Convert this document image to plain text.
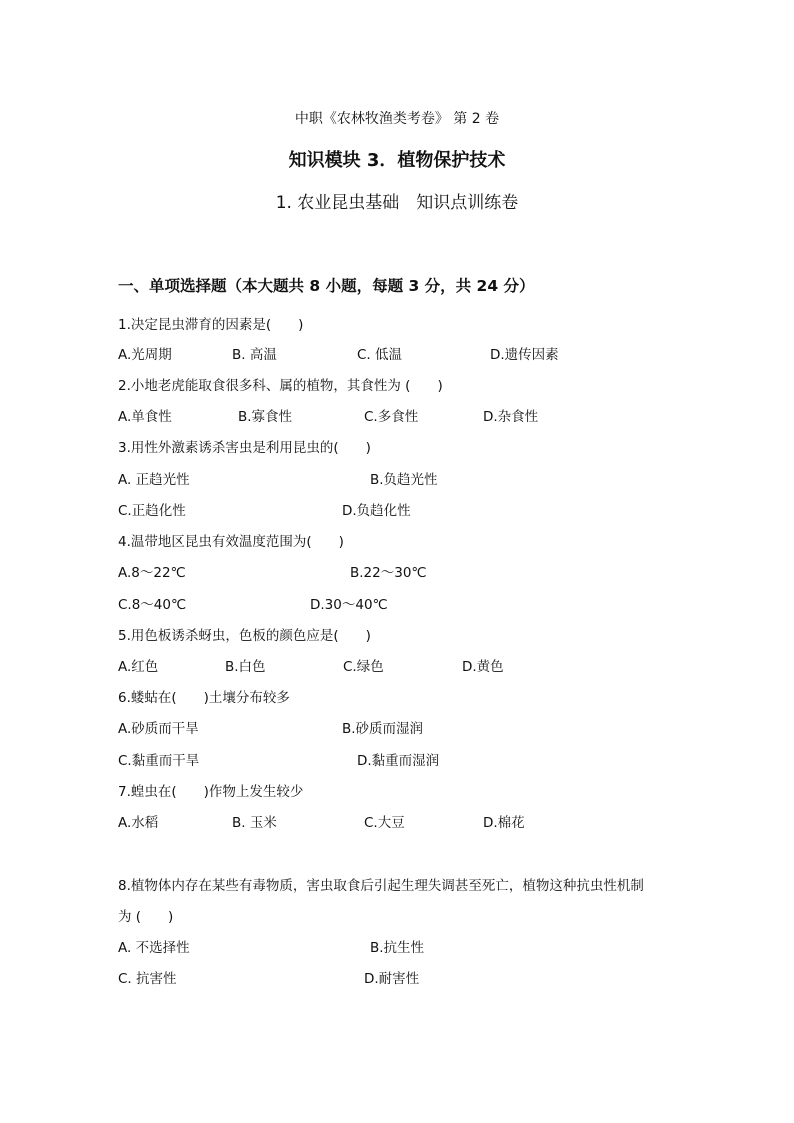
中职《农林牧渔类考卷》 第 2 卷
知识模块 3．植物保护技术
1. 农业昆虫基础　知识点训练卷
一、单项选择题（本大题共 8 小题，每题 3 分，共 24 分）
1.决定昆虫滞育的因素是(　　)
A.光周期	B. 高温	C. 低温	D.遗传因素
2.小地老虎能取食很多科、属的植物，其食性为 (　　)
A.单食性	B.寡食性	C.多食性	D.杂食性
3.用性外激素诱杀害虫是利用昆虫的(　　)
A. 正趋光性	B.负趋光性
C.正趋化性	D.负趋化性
4.温带地区昆虫有效温度范围为(　　)
A.8～22℃	B.22～30℃
C.8～40℃	D.30～40℃
5.用色板诱杀蚜虫，色板的颜色应是(　　)
A.红色	B.白色	C.绿色	D.黄色
6.蝼蛄在(　　)土壤分布较多
A.砂质而干旱	B.砂质而湿润
C.黏重而干旱	D.黏重而湿润
7.蝗虫在(　　)作物上发生较少
A.水稻	B. 玉米	C.大豆	D.棉花
8.植物体内存在某些有毒物质，害虫取食后引起生理失调甚至死亡，植物这种抗虫性机制
为 (　　)
A. 不选择性	B.抗生性
C. 抗害性	D.耐害性
